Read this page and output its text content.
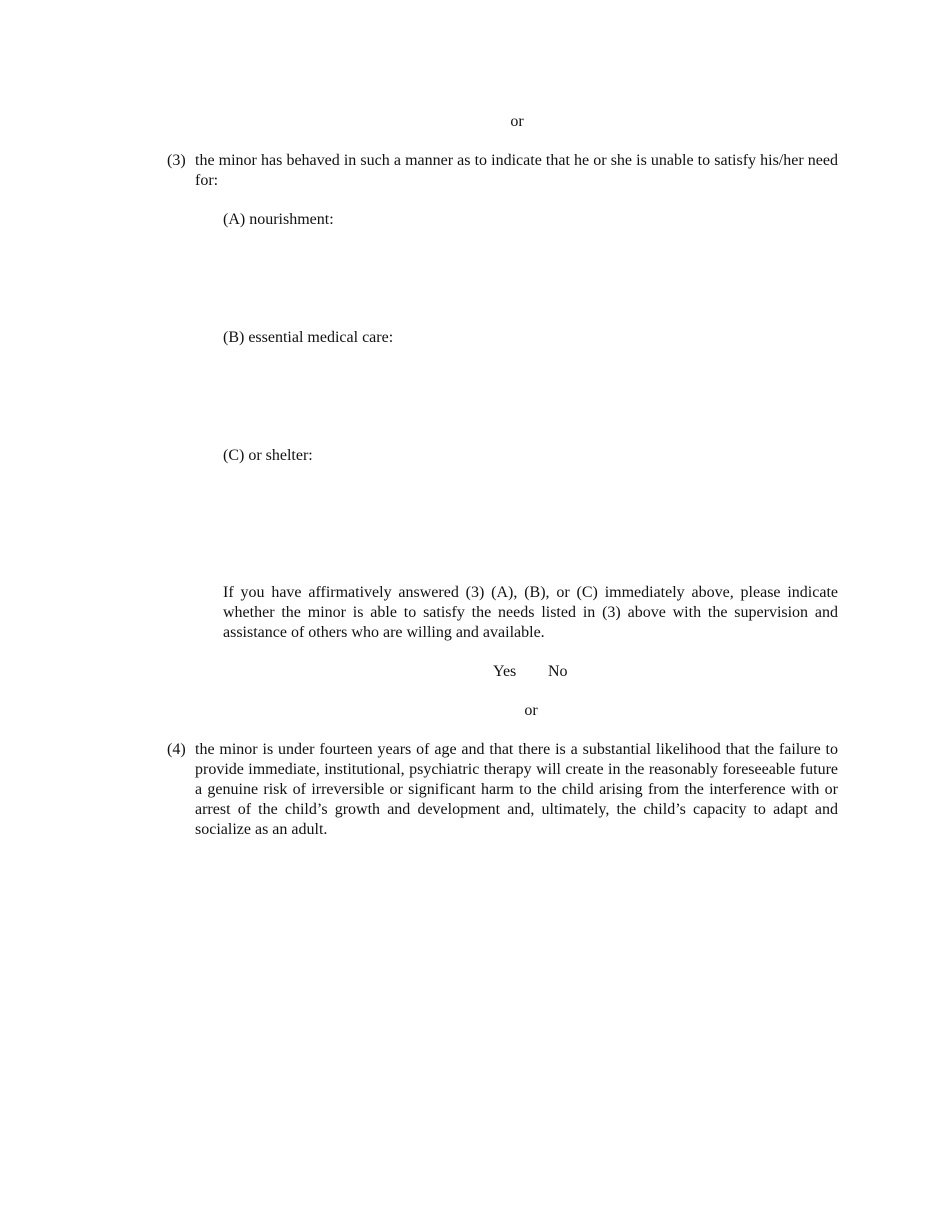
or
(3) the minor has behaved in such a manner as to indicate that he or she is unable to satisfy his/her need for:
(A) nourishment:
(B) essential medical care:
(C) or shelter:
If you have affirmatively answered (3) (A), (B), or (C) immediately above, please indicate whether the minor is able to satisfy the needs listed in (3) above with the supervision and assistance of others who are willing and available.
Yes No
or
(4) the minor is under fourteen years of age and that there is a substantial likelihood that the failure to provide immediate, institutional, psychiatric therapy will create in the reasonably foreseeable future a genuine risk of irreversible or significant harm to the child arising from the interference with or arrest of the child’s growth and development and, ultimately, the child’s capacity to adapt and socialize as an adult.
